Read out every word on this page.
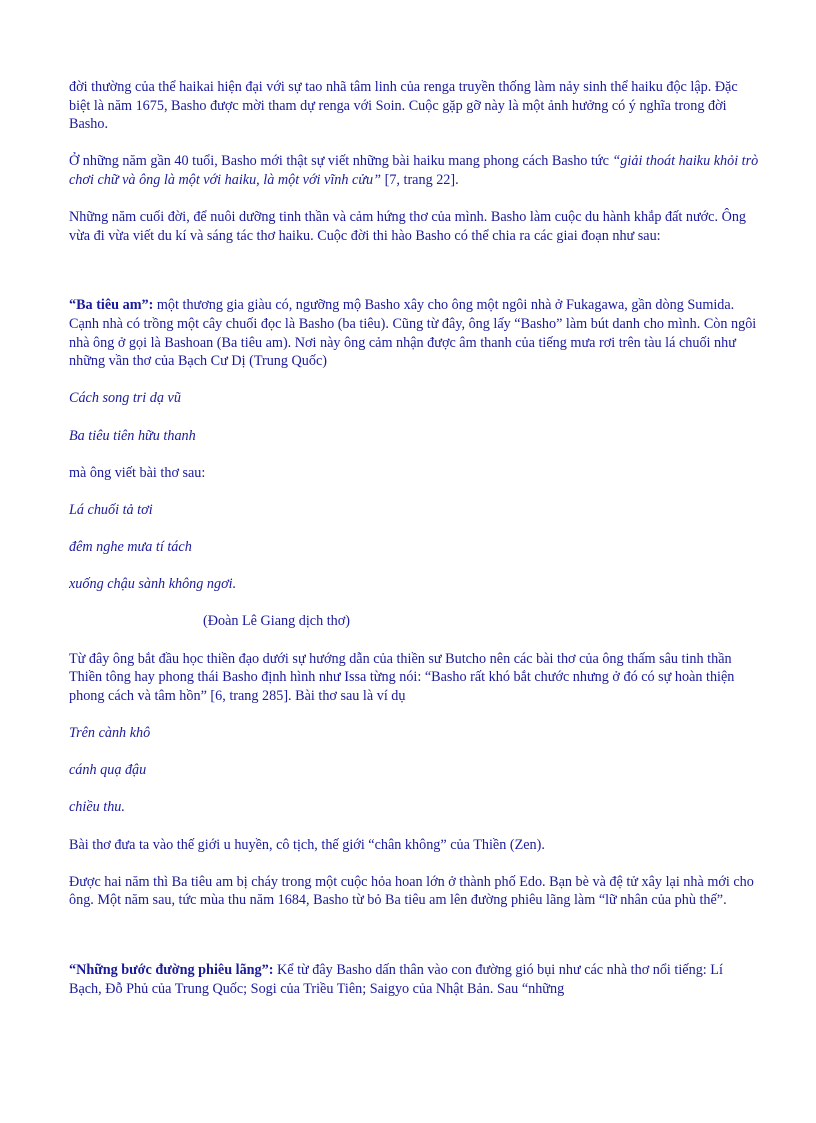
đời thường của thể haikai hiện đại với sự tao nhã tâm linh của renga truyền thống làm nảy sinh thể haiku độc lập. Đặc biệt là năm 1675, Basho được mời tham dự renga với Soin. Cuộc gặp gỡ này là một ảnh hưởng có ý nghĩa trong đời Basho.

Ở những năm gần 40 tuổi, Basho mới thật sự viết những bài haiku mang phong cách Basho tức “giải thoát haiku khỏi trò chơi chữ và ông là một với haiku, là một với vĩnh cửu” [7, trang 22].

Những năm cuối đời, để nuôi dưỡng tinh thần và cảm hứng thơ của mình. Basho làm cuộc du hành khắp đất nước. Ông vừa đi vừa viết du kí và sáng tác thơ haiku. Cuộc đời thi hào Basho có thể chia ra các giai đoạn như sau:

“Ba tiêu am”: một thương gia giàu có, ngưỡng mộ Basho xây cho ông một ngôi nhà ở Fukagawa, gần dòng Sumida. Cạnh nhà có trồng một cây chuối đọc là Basho (ba tiêu). Cũng từ đây, ông lấy “Basho” làm bút danh cho mình. Còn ngôi nhà ông ở gọi là Bashoan (Ba tiêu am). Nơi này ông cảm nhận được âm thanh của tiếng mưa rơi trên tàu lá chuối như những vần thơ của Bạch Cư Dị (Trung Quốc)

Cách song tri dạ vũ

Ba tiêu tiên hữu thanh

mà ông viết bài thơ sau:

Lá chuối tả tơi

đêm nghe mưa tí tách

xuống chậu sành không ngơi.

(Đoàn Lê Giang dịch thơ)

Từ đây ông bắt đầu học thiền đạo dưới sự hướng dẫn của thiền sư Butcho nên các bài thơ của ông thấm sâu tinh thần Thiền tông hay phong thái Basho định hình như Issa từng nói: “Basho rất khó bắt chước nhưng ở đó có sự hoàn thiện phong cách và tâm hồn” [6, trang 285]. Bài thơ sau là ví dụ

Trên cành khô

cánh quạ đậu

chiều thu.

Bài thơ đưa ta vào thế giới u huyền, cô tịch, thế giới “chân không” của Thiền (Zen).

Được hai năm thì Ba tiêu am bị cháy trong một cuộc hỏa hoan lớn ở thành phố Edo. Bạn bè và đệ tử xây lại nhà mới cho ông. Một năm sau, tức mùa thu năm 1684, Basho từ bỏ Ba tiêu am lên đường phiêu lãng làm “lữ nhân của phù thế”.

“Những bước đường phiêu lãng”: Kể từ đây Basho dấn thân vào con đường gió bụi như các nhà thơ nổi tiếng: Lí Bạch, Đỗ Phủ của Trung Quốc; Sogi của Triều Tiên; Saigyo của Nhật Bản. Sau “những
